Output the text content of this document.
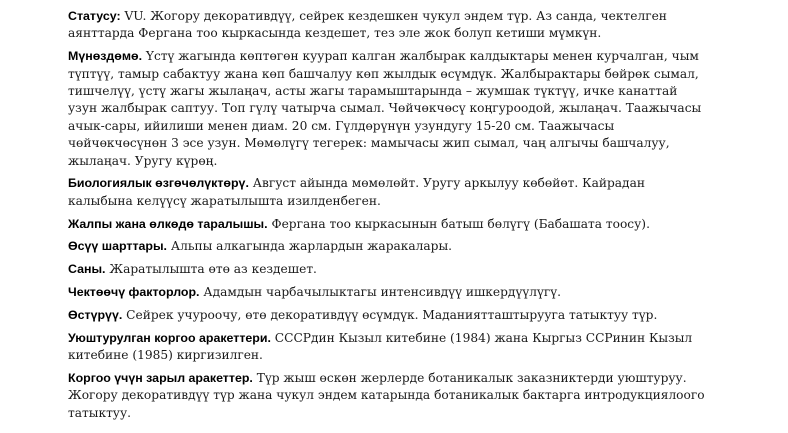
Статусу: VU. Жогору декоративдүү, сейрек кездешкен чукул эндем түр. Аз санда, чектелген аянттарда Фергана тоо кыркасында кездешет, тез эле жок болуп кетиши мүмкүн.

Мүнөздөмө. Үстү жагында көптөгөн куурап калган жалбырак калдыктары менен курчалган, чым түптүү, тамыр сабактуу жана көп башчалуу көп жылдык өсүмдүк. Жалбырактары бөйрөк сымал, тишчелүү, үстү жагы жылаңач, асты жагы тарамыштарында – жумшак түктүү, ичке канаттай узун жалбырак саптуу. Топ гүлү чатырча сымал. Чөйчөкчөсү коңгуроодой, жылаңач. Таажычасы ачык-сары, ийилиши менен диам. 20 см. Гүлдөрүнүн узундугу 15-20 см. Таажычасы чөйчөкчөсүнөн 3 эсе узун. Мөмөлүгү тегерек: мамычасы жип сымал, чаң алгычы башчалуу, жылаңач. Уругу күрөң.

Биологиялык өзгөчөлүктөрү. Август айында мөмөлөйт. Уругу аркылуу көбөйөт. Кайрадан калыбына келүүсү жаратылышта изилденбеген.

Жалпы жана өлкөдө таралышы. Фергана тоо кыркасынын батыш бөлүгү (Бабашата тоосу).

Өсүү шарттары. Альпы алкагында жарлардын жаракалары.

Саны. Жаратылышта өтө аз кездешет.

Чектөөчү факторлор. Адамдын чарбачылыктагы интенсивдүү ишкердүүлүгү.

Өстүрүү. Сейрек учуроочу, өтө декоративдүү өсүмдүк. Маданиятташтырууга татыктуу түр.

Уюштурулган коргоо аракеттери. СССРдин Кызыл китебине (1984) жана Кыргыз ССРинин Кызыл китебине (1985) киргизилген.

Коргоо үчүн зарыл аракеттер. Түр жыш өскөн жерлерде ботаникалык заказниктерди уюштуруу. Жогору декоративдүү түр жана чукул эндем катарында ботаникалык бактарга интродукциялоого татыктуу.
